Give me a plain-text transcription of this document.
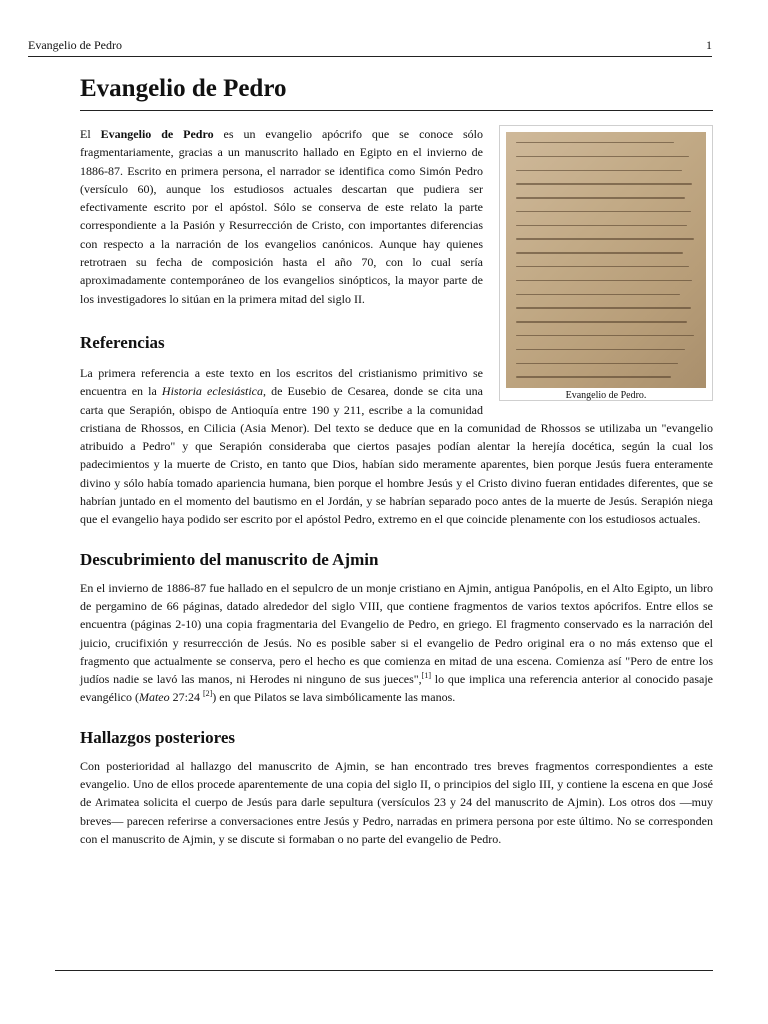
Evangelio de Pedro	1
Evangelio de Pedro
Evangelio de Pedro.

El Evangelio de Pedro es un evangelio apócrifo que se conoce sólo fragmentariamente, gracias a un manuscrito hallado en Egipto en el invierno de 1886-87. Escrito en primera persona, el narrador se identifica como Simón Pedro (versículo 60), aunque los estudiosos actuales descartan que pudiera ser efectivamente escrito por el apóstol. Sólo se conserva de este relato la parte correspondiente a la Pasión y Resurrección de Cristo, con importantes diferencias con respecto a la narración de los evangelios canónicos. Aunque hay quienes retrotraen su fecha de composición hasta el año 70, con lo cual sería aproximadamente contemporáneo de los evangelios sinópticos, la mayor parte de los investigadores lo sitúan en la primera mitad del siglo II.

Referencias

La primera referencia a este texto en los escritos del cristianismo primitivo se encuentra en la Historia eclesiástica, de Eusebio de Cesarea, donde se cita una carta que Serapión, obispo de Antioquía entre 190 y 211, escribe a la comunidad cristiana de Rhossos, en Cilicia (Asia Menor). Del texto se deduce que en la comunidad de Rhossos se utilizaba un "evangelio atribuido a Pedro" y que Serapión consideraba que ciertos pasajes podían alentar la herejía docética, según la cual los padecimientos y la muerte de Cristo, en tanto que Dios, habían sido meramente aparentes, bien porque Jesús fuera enteramente divino y sólo había tomado apariencia humana, bien porque el hombre Jesús y el Cristo divino fueran entidades diferentes, que se habrían juntado en el momento del bautismo en el Jordán, y se habrían separado poco antes de la muerte de Jesús. Serapión niega que el evangelio haya podido ser escrito por el apóstol Pedro, extremo en el que coincide plenamente con los estudiosos actuales.

Descubrimiento del manuscrito de Ajmin

En el invierno de 1886-87 fue hallado en el sepulcro de un monje cristiano en Ajmin, antigua Panópolis, en el Alto Egipto, un libro de pergamino de 66 páginas, datado alrededor del siglo VIII, que contiene fragmentos de varios textos apócrifos. Entre ellos se encuentra (páginas 2-10) una copia fragmentaria del Evangelio de Pedro, en griego. El fragmento conservado es la narración del juicio, crucifixión y resurrección de Jesús. No es posible saber si el evangelio de Pedro original era o no más extenso que el fragmento que actualmente se conserva, pero el hecho es que comienza en mitad de una escena. Comienza así "Pero de entre los judíos nadie se lavó las manos, ni Herodes ni ninguno de sus jueces",[1] lo que implica una referencia anterior al conocido pasaje evangélico (Mateo 27:24 [2]) en que Pilatos se lava simbólicamente las manos.

Hallazgos posteriores

Con posterioridad al hallazgo del manuscrito de Ajmin, se han encontrado tres breves fragmentos correspondientes a este evangelio. Uno de ellos procede aparentemente de una copia del siglo II, o principios del siglo III, y contiene la escena en que José de Arimatea solicita el cuerpo de Jesús para darle sepultura (versículos 23 y 24 del manuscrito de Ajmin). Los otros dos ―muy breves― parecen referirse a conversaciones entre Jesús y Pedro, narradas en primera persona por este último. No se corresponden con el manuscrito de Ajmin, y se discute si formaban o no parte del evangelio de Pedro.
